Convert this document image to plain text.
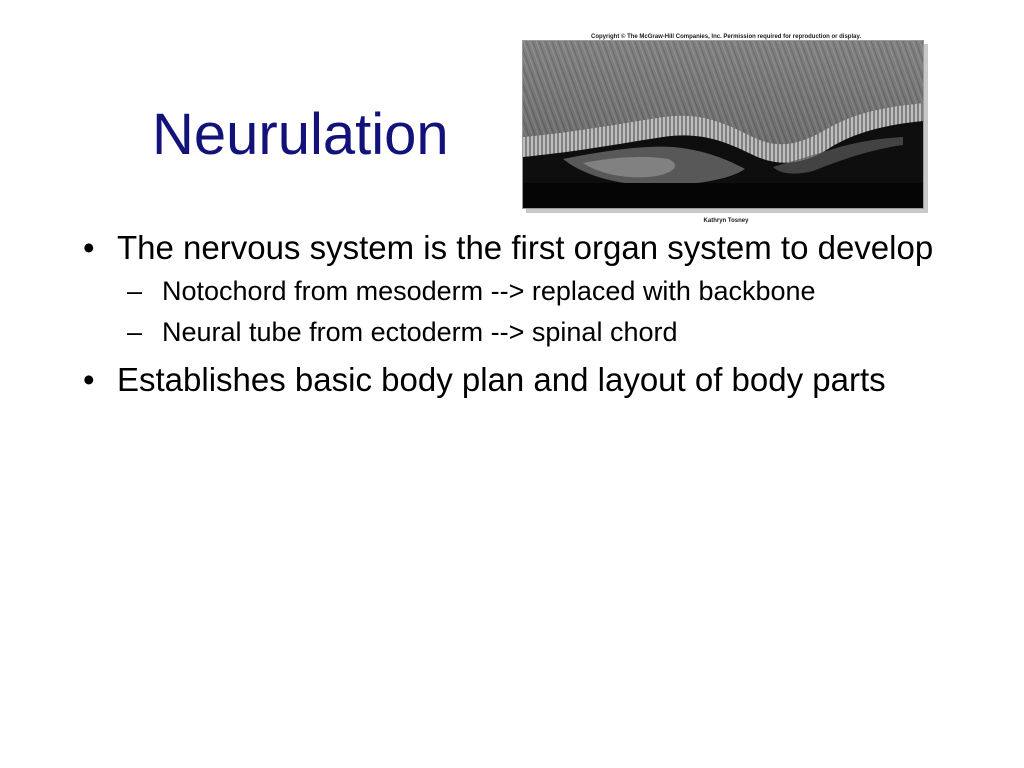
Neurulation
Copyright © The McGraw-Hill Companies, Inc. Permission required for reproduction or display.
Kathryn Tosney
• The nervous system is the first organ system to develop
– Notochord from mesoderm --> replaced with backbone
– Neural tube from ectoderm --> spinal chord
• Establishes basic body plan and layout of body parts
